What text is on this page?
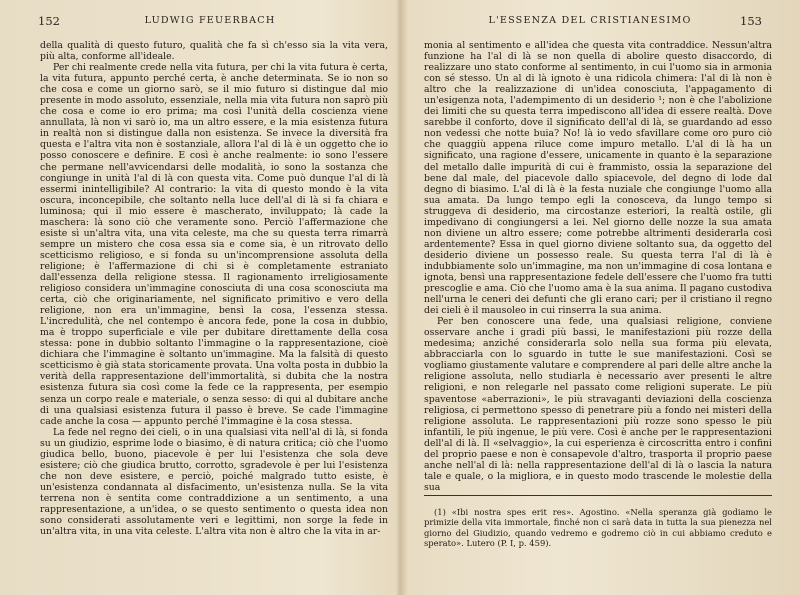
152	LUDWIG FEUERBACH

della qualità di questo futuro, qualità che fa sì ch'esso sia la vita vera, più alta, conforme all'ideale.

Per chi realmente crede nella vita futura, per chi la vita futura è certa, la vita futura, appunto perché certa, è anche determinata. Se io non so che cosa e come un giorno sarò, se il mio futuro si distingue dal mio presente in modo assoluto, essenziale, nella mia vita futura non saprò più che cosa e come io ero prima; ma così l'unità della coscienza viene annullata, là non vi sarò io, ma un altro essere, e la mia esistenza futura in realtà non si distingue dalla non esistenza. Se invece la diversità fra questa e l'altra vita non è sostanziale, allora l'al di là è un oggetto che io posso conoscere e definire. E così è anche realmente: io sono l'essere che permane nell'avvicendarsi delle modalità, io sono la sostanza che congiunge in unità l'al di là con questa vita. Come può dunque l'al di là essermi inintelligibile? Al contrario: la vita di questo mondo è la vita oscura, inconcepibile, che soltanto nella luce dell'al di là si fa chiara e luminosa; qui il mio essere è mascherato, inviluppato; là cade la maschera: là sono ciò che veramente sono. Perciò l'affermazione che esiste sì un'altra vita, una vita celeste, ma che su questa terra rimarrà sempre un mistero che cosa essa sia e come sia, è un ritrovato dello scetticismo religioso, e si fonda su un'incomprensione assoluta della religione; è l'affermazione di chi si è completamente estraniato dall'essenza della religione stessa. Il ragionamento irreligiosamente religioso considera un'immagine conosciuta di una cosa sconosciuta ma certa, ciò che originariamente, nel significato primitivo e vero della religione, non era un'immagine, bensì la cosa, l'essenza stessa. L'incredulità, che nel contempo è ancora fede, pone la cosa in dubbio, ma è troppo superficiale e vile per dubitare direttamente della cosa stessa: pone in dubbio soltanto l'immagine o la rappresentazione, cioè dichiara che l'immagine è soltanto un'immagine. Ma la falsità di questo scetticismo è già stata storicamente provata. Una volta posta in dubbio la verità della rappresentazione dell'immortalità, si dubita che la nostra esistenza futura sia così come la fede ce la rappresenta, per esempio senza un corpo reale e materiale, o senza sesso: di qui al dubitare anche di una qualsiasi esistenza futura il passo è breve. Se cade l'immagine cade anche la cosa — appunto perché l'immagine è la cosa stessa.

La fede nel regno dei cieli, o in una qualsiasi vita nell'al di là, si fonda su un giudizio, esprime lode o biasimo, è di natura critica; ciò che l'uomo giudica bello, buono, piacevole è per lui l'esistenza che sola deve esistere; ciò che giudica brutto, corrotto, sgradevole è per lui l'esistenza che non deve esistere, e perciò, poiché malgrado tutto esiste, è un'esistenza condannata al disfacimento, un'esistenza nulla. Se la vita terrena non è sentita come contraddizione a un sentimento, a una rappresentazione, a un'idea, o se questo sentimento o questa idea non sono considerati assolutamente veri e legittimi, non sorge la fede in un'altra vita, in una vita celeste. L'altra vita non è altro che la vita in ar-

L'ESSENZA DEL CRISTIANESIMO	153

monia al sentimento e all'idea che questa vita contraddice. Nessun'altra funzione ha l'al di là se non quella di abolire questo disaccordo, di realizzare uno stato conforme al sentimento, in cui l'uomo sia in armonia con sé stesso. Un al di là ignoto è una ridicola chimera: l'al di là non è altro che la realizzazione di un'idea conosciuta, l'appagamento di un'esigenza nota, l'adempimento di un desiderio ¹; non è che l'abolizione dei limiti che su questa terra impediscono all'idea di essere realtà. Dove sarebbe il conforto, dove il significato dell'al di là, se guardando ad esso non vedessi che notte buia? No! là io vedo sfavillare come oro puro ciò che quaggiù appena riluce come impuro metallo. L'al di là ha un significato, una ragione d'essere, unicamente in quanto è la separazione del metallo dalle impurità di cui è frammisto, ossia la separazione del bene dal male, del piacevole dallo spiacevole, del degno di lode dal degno di biasimo. L'al di là è la festa nuziale che congiunge l'uomo alla sua amata. Da lungo tempo egli la conosceva, da lungo tempo si struggeva di desiderio, ma circostanze esteriori, la realtà ostile, gli impedivano di congiungersi a lei. Nel giorno delle nozze la sua amata non diviene un altro essere; come potrebbe altrimenti desiderarla così ardentemente? Essa in quel giorno diviene soltanto sua, da oggetto del desiderio diviene un possesso reale. Su questa terra l'al di là è indubbiamente solo un'immagine, ma non un'immagine di cosa lontana e ignota, bensì una rappresentazione fedele dell'essere che l'uomo fra tutti prescoglie e ama. Ciò che l'uomo ama è la sua anima. Il pagano custodiva nell'urna le ceneri dei defunti che gli erano cari; per il cristiano il regno dei cieli è il mausoleo in cui rinserra la sua anima.

Per ben conoscere una fede, una qualsiasi religione, conviene osservare anche i gradi più bassi, le manifestazioni più rozze della medesima; anziché considerarla solo nella sua forma più elevata, abbracciarla con lo sguardo in tutte le sue manifestazioni. Così se vogliamo giustamente valutare e comprendere al pari delle altre anche la religione assoluta, nello studiarla è necessario aver presenti le altre religioni, e non relegarle nel passato come religioni superate. Le più spaventose «aberrazioni», le più stravaganti deviazioni della coscienza religiosa, ci permettono spesso di penetrare più a fondo nei misteri della religione assoluta. Le rappresentazioni più rozze sono spesso le più infantili, le più ingenue, le più vere. Così è anche per le rappresentazioni dell'al di là. Il «selvaggio», la cui esperienza è circoscritta entro i confini del proprio paese e non è consapevole d'altro, trasporta il proprio paese anche nell'al di là: nella rappresentazione dell'al di là o lascia la natura tale e quale, o la migliora, e in questo modo trascende le molestie della sua

(1) «Ibi nostra spes erit res». Agostino. «Nella speranza già godiamo le primizie della vita immortale, finché non ci sarà data in tutta la sua pienezza nel giorno del Giudizio, quando vedremo e godremo ciò in cui abbiamo creduto e sperato». Lutero (P. I, p. 459).
